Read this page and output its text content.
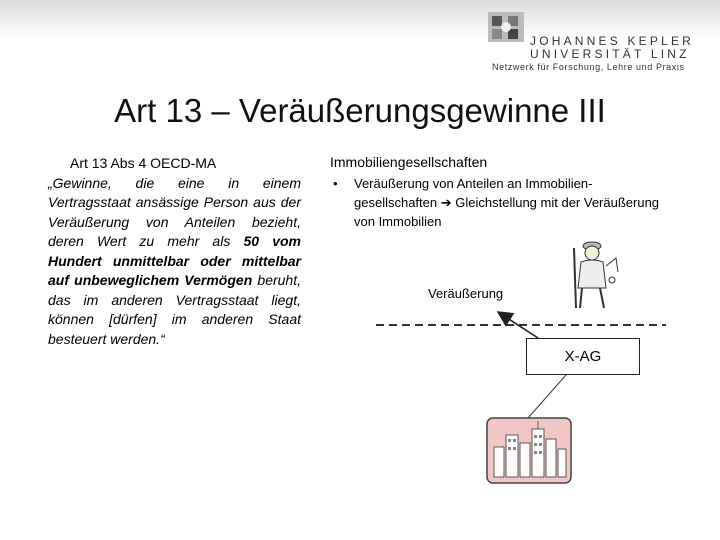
JOHANNES KEPLER
UNIVERSITÄT LINZ
Netzwerk für Forschung, Lehre und Praxis
Art 13 – Veräußerungsgewinne III

Art 13 Abs 4 OECD-MA

„Gewinne, die eine in einem Vertragsstaat ansässige Person aus der Veräußerung von Anteilen bezieht, deren Wert zu mehr als 50 vom Hundert unmittelbar oder mittelbar auf unbeweglichem Vermögen beruht, das im anderen Vertragsstaat liegt, können [dürfen] im anderen Staat besteuert werden.“

Immobiliengesellschaften
• Veräußerung von Anteilen an Immobilien-gesellschaften ➔ Gleichstellung mit der Veräußerung von Immobilien
Veräußerung
X-AG
